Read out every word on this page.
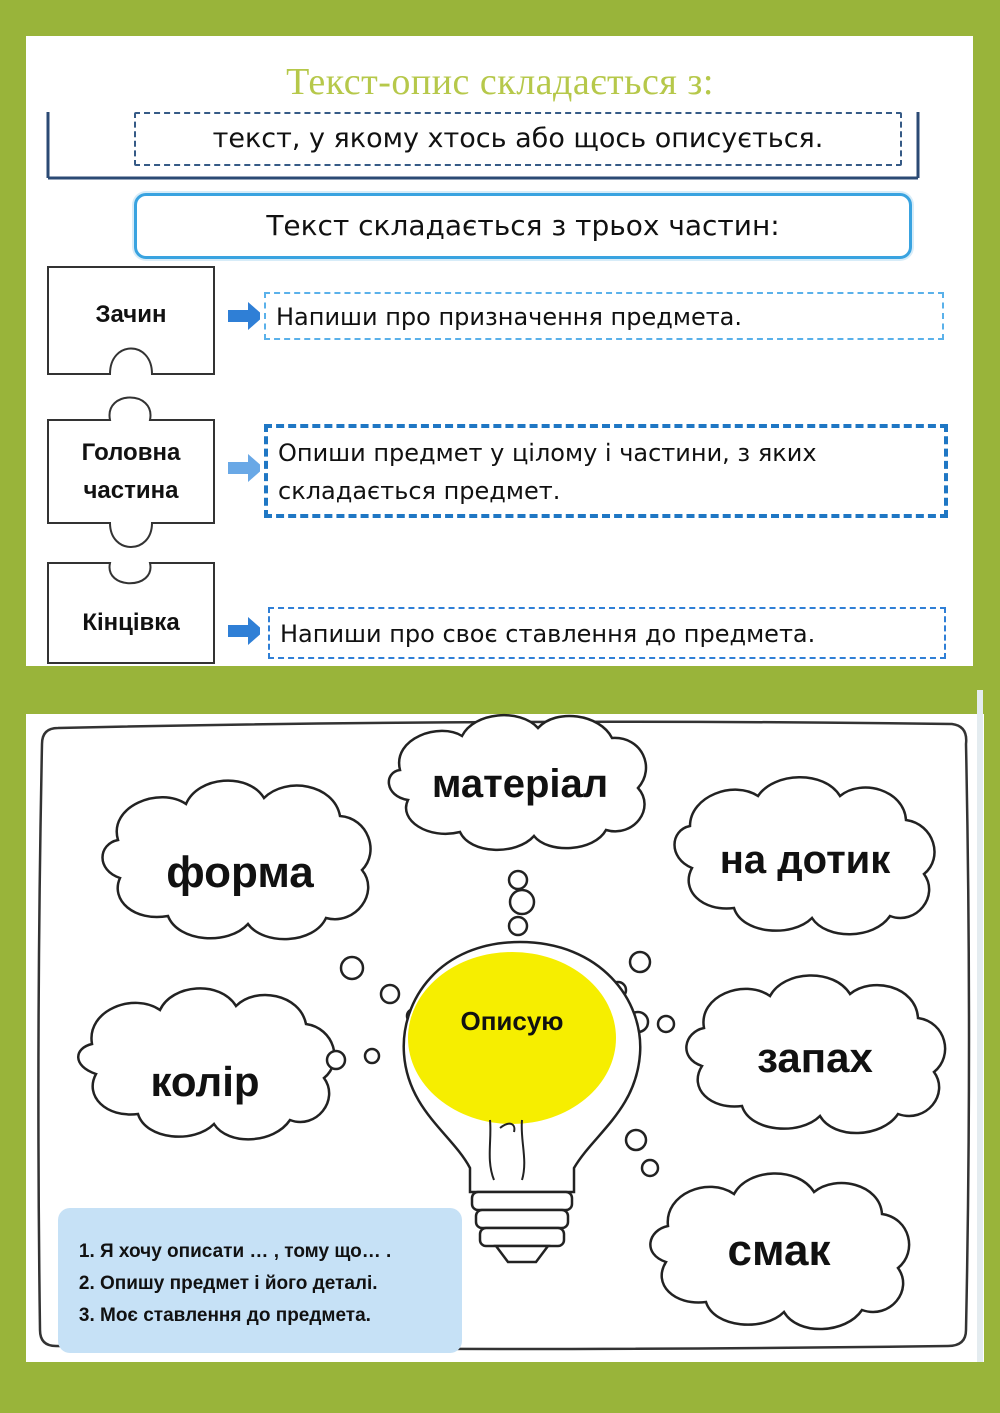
Текст-опис складається з:
текст, у якому хтось або щось описується.
Текст складається з трьох частин:
Зачин
Головна
частина
Кінцівка
Напиши про призначення предмета.
Опиши предмет у цілому і частини, з яких
складається предмет.
Напиши про своє ставлення до предмета.
матеріал
форма	на дотик
колір
запах
смак
Описую
1. Я хочу описати … , тому що… .
2. Опишу предмет і його деталі.
3. Моє ставлення до предмета.
